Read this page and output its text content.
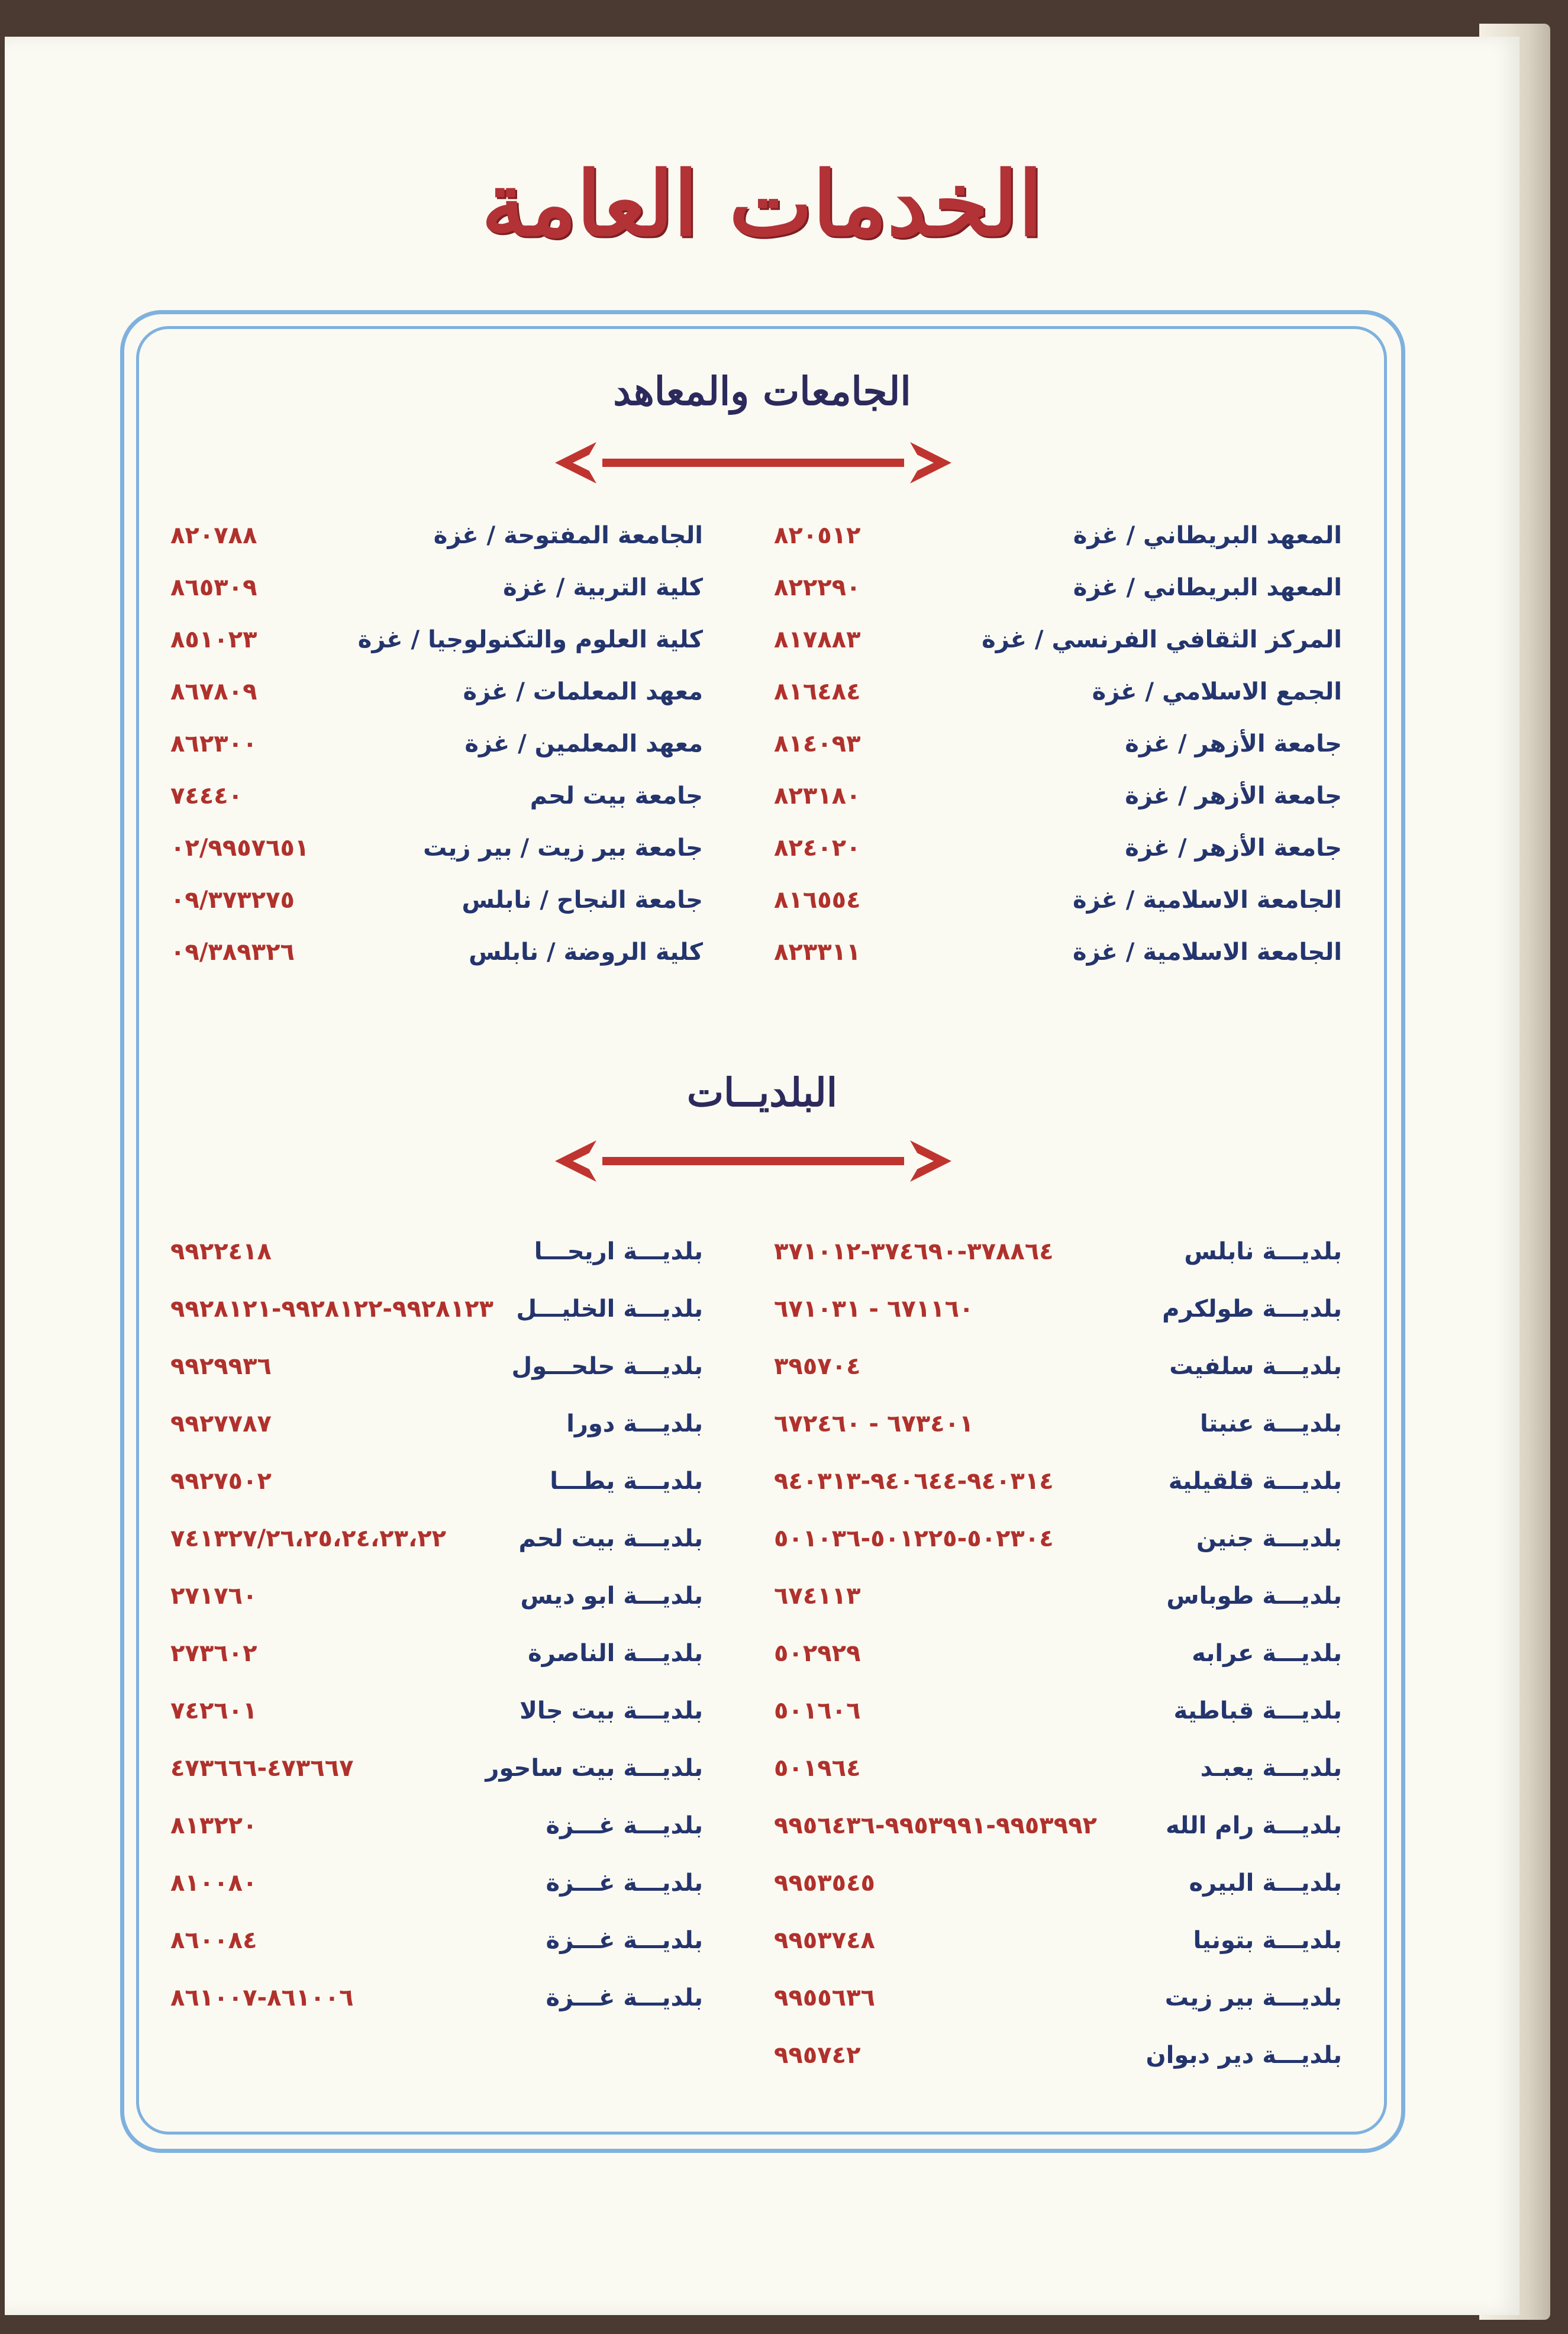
الخدمات العامة
الجامعات والمعاهد
المعهد البريطاني / غزة
٨٢٠٥١٢
المعهد البريطاني / غزة
٨٢٢٢٩٠
المركز الثقافي الفرنسي / غزة
٨١٧٨٨٣
الجمع الاسلامي / غزة
٨١٦٤٨٤
جامعة الأزهر / غزة
٨١٤٠٩٣
جامعة الأزهر / غزة
٨٢٣١٨٠
جامعة الأزهر / غزة
٨٢٤٠٢٠
الجامعة الاسلامية / غزة
٨١٦٥٥٤
الجامعة الاسلامية / غزة
٨٢٣٣١١
الجامعة المفتوحة / غزة
٨٢٠٧٨٨
كلية التربية / غزة
٨٦٥٣٠٩
كلية العلوم والتكنولوجيا / غزة
٨٥١٠٢٣
معهد المعلمات / غزة
٨٦٧٨٠٩
معهد المعلمين / غزة
٨٦٢٣٠٠
جامعة بيت لحم
٧٤٤٤٠
جامعة بير زيت / بير زيت
٠٢/٩٩٥٧٦٥١
جامعة النجاح / نابلس
٠٩/٣٧٣٢٧٥
كلية الروضة / نابلس
٠٩/٣٨٩٣٢٦
البلديــات
بلديـــة نابلس
٣٧٨٨٦٤-٣٧٤٦٩٠-٣٧١٠١٢
بلديـــة طولكرم
٦٧١١٦٠ - ٦٧١٠٣١
بلديـــة سلفيت
٣٩٥٧٠٤
بلديـــة عنبتا
٦٧٣٤٠١ - ٦٧٢٤٦٠
بلديـــة قلقيلية
٩٤٠٣١٤-٩٤٠٦٤٤-٩٤٠٣١٣
بلديـــة جنين
٥٠٢٣٠٤-٥٠١٢٢٥-٥٠١٠٣٦
بلديـــة طوباس
٦٧٤١١٣
بلديـــة عرابه
٥٠٢٩٢٩
بلديـــة قباطية
٥٠١٦٠٦
بلديـــة يعبـد
٥٠١٩٦٤
بلديـــة رام الله
٩٩٥٣٩٩٢-٩٩٥٣٩٩١-٩٩٥٦٤٣٦
بلديـــة البيره
٩٩٥٣٥٤٥
بلديـــة بتونيا
٩٩٥٣٧٤٨
بلديـــة بير زيت
٩٩٥٥٦٣٦
بلديـــة دير دبوان
٩٩٥٧٤٢
بلديـــة اريحـــا
٩٩٢٢٤١٨
بلديـــة الخليـــل
٩٩٢٨١٢٣-٩٩٢٨١٢٢-٩٩٢٨١٢١
بلديـــة حلحـــول
٩٩٢٩٩٣٦
بلديـــة دورا
٩٩٢٧٧٨٧
بلديـــة يطـــا
٩٩٢٧٥٠٢
بلديـــة بيت لحم
٧٤١٣٢٧/٢٦،٢٥،٢٤،٢٣،٢٢
بلديـــة ابو ديس
٢٧١٧٦٠
بلديـــة الناصرة
٢٧٣٦٠٢
بلديـــة بيت جالا
٧٤٢٦٠١
بلديـــة بيت ساحور
٤٧٣٦٦٧-٤٧٣٦٦٦
بلديـــة غـــزة
٨١٣٢٢٠
بلديـــة غـــزة
٨١٠٠٨٠
بلديـــة غـــزة
٨٦٠٠٨٤
بلديـــة غـــزة
٨٦١٠٠٦-٨٦١٠٠٧
